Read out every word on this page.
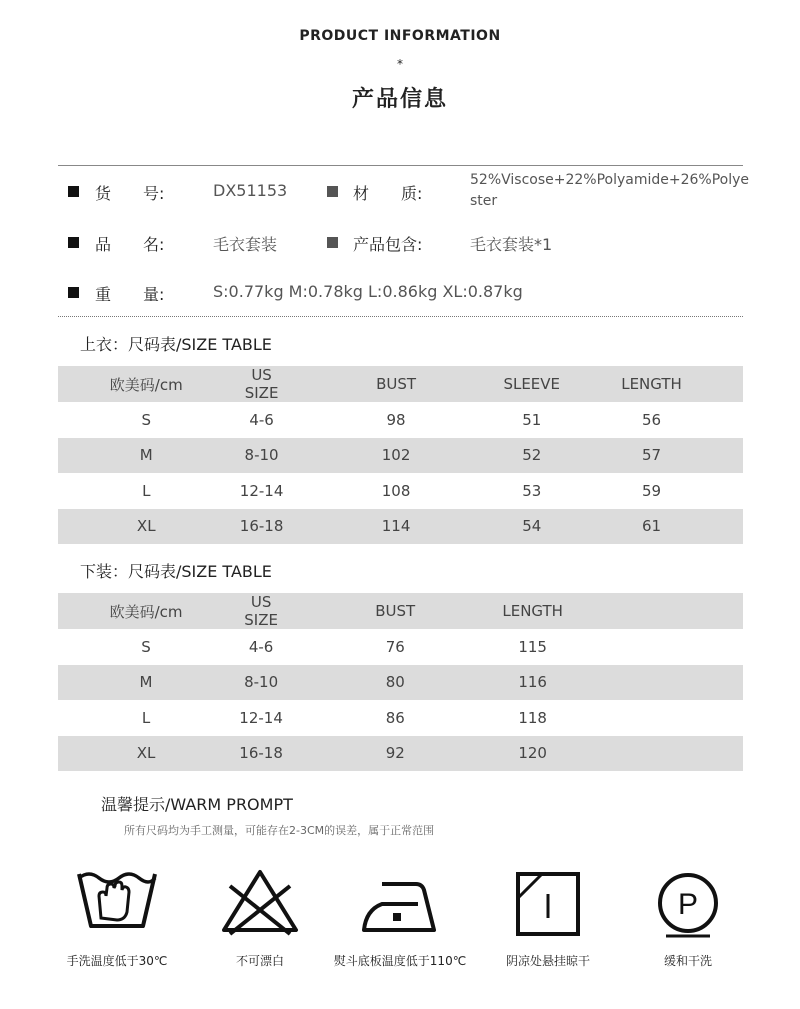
PRODUCT INFORMATION
*
产品信息
货　　号:	DX51153	材　　质:
52%Viscose+22%Polyamide+26%Polyester
品　　名:	毛衣套装	产品包含:	毛衣套装*1
重　　量:	S:0.77kg M:0.78kg L:0.86kg XL:0.87kg
上衣：尺码表/SIZE TABLE
欧美码/cm	US SIZE	BUST	SLEEVE	LENGTH
S	4-6	98	51	56
M	8-10	102	52	57
L	12-14	108	53	59
XL	16-18	114	54	61
下装：尺码表/SIZE TABLE
欧美码/cm	US SIZE	BUST	LENGTH	
S	4-6	76	115	
M	8-10	80	116	
L	12-14	86	118	
XL	16-18	92	120	
温馨提示/WARM PROMPT
所有尺码均为手工测量，可能存在2-3CM的误差，属于正常范围
手洗温度低于30℃	不可漂白	熨斗底板温度低于110℃	阴凉处悬挂晾干
P
缓和干洗
